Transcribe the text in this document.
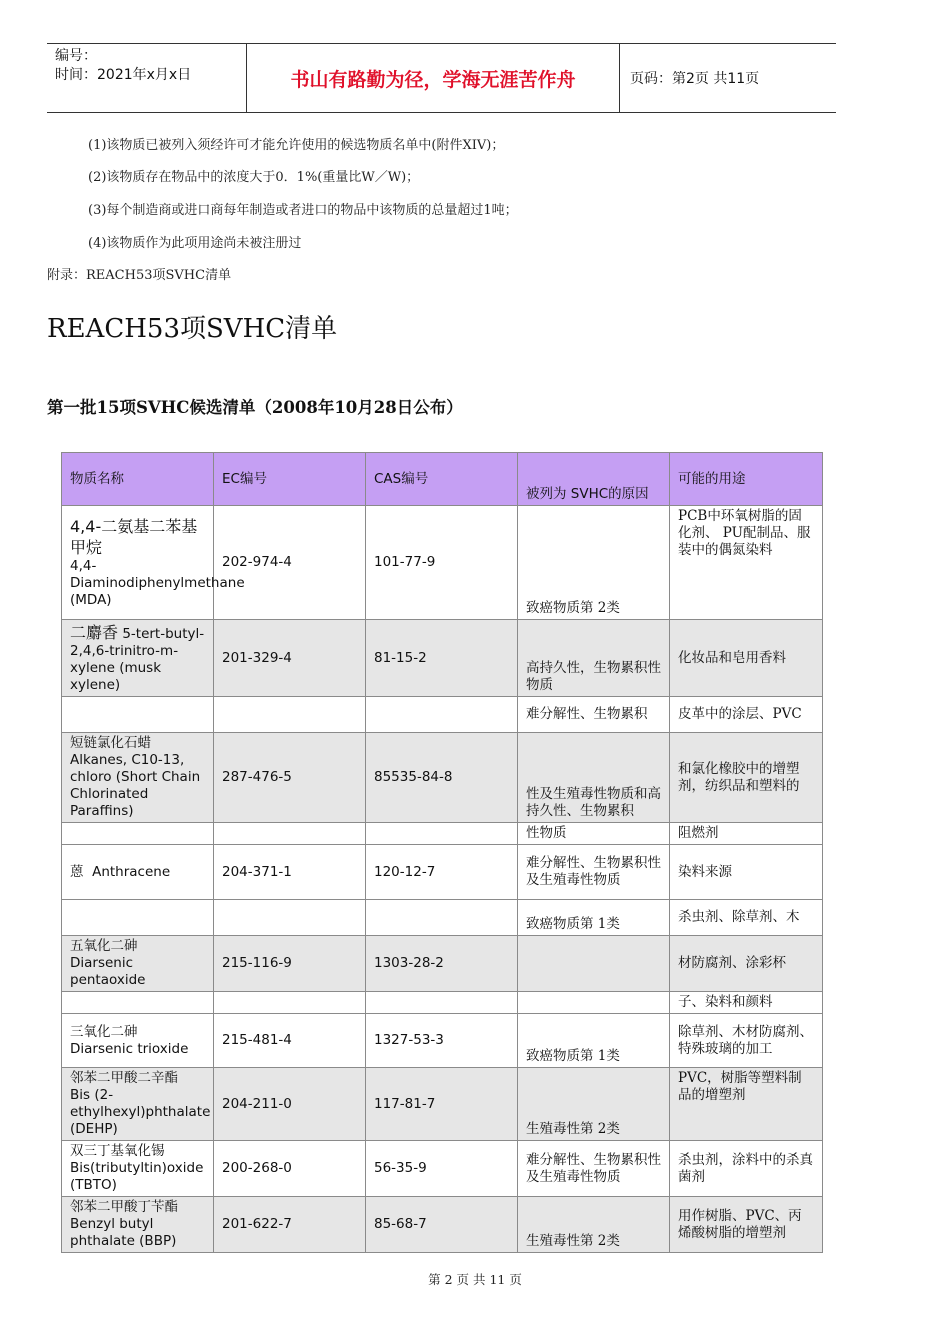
编号：
时间：2021年x月x日	书山有路勤为径，学海无涯苦作舟	页码：第2页 共11页
(1)该物质已被列入须经许可才能允许使用的候选物质名单中(附件XIV)；
(2)该物质存在物品中的浓度大于0．1%(重量比W／W)；
(3)每个制造商或进口商每年制造或者进口的物品中该物质的总量超过1吨；
(4)该物质作为此项用途尚未被注册过
附录：REACH53项SVHC清单
REACH53项SVHC清单
第一批15项SVHC候选清单（2008年10月28日公布）
物质名称	EC编号	CAS编号	被列为 SVHC的原因	可能的用途

4,4-二氨基二苯基甲烷
4,4-Diaminodiphenylmethane (MDA)	202-974-4	101-77-9	致癌物质第 2类	PCB中环氧树脂的固化剂、 PU配制品、服装中的偶氮染料
二麝香 5-tert-butyl-2,4,6-trinitro-m-xylene (musk xylene)	201-329-4	81-15-2	高持久性，生物累积性物质	化妆品和皂用香料
			难分解性、生物累积	皮革中的涂层、PVC

短链氯化石蜡
Alkanes, C10-13, chloro (Short Chain Chlorinated Paraffins)	287-476-5	85535-84-8	性及生殖毒性物质和高持久性、生物累积	和氯化橡胶中的增塑剂，纺织品和塑料的
			性物质	阻燃剂
蒽 Anthracene	204-371-1	120-12-7	难分解性、生物累积性及生殖毒性物质	染料来源
			致癌物质第 1类	杀虫剂、除草剂、木

五氧化二砷
Diarsenic pentaoxide	215-116-9	1303-28-2		材防腐剂、涂彩杯
				子、染料和颜料

三氧化二砷
Diarsenic trioxide	215-481-4	1327-53-3	致癌物质第 1类	除草剂、木材防腐剂、特殊玻璃的加工

邻苯二甲酸二辛酯
Bis (2-ethylhexyl)phthalate (DEHP)	204-211-0	117-81-7	生殖毒性第 2类	PVC，树脂等塑料制品的增塑剂

双三丁基氧化锡
Bis(tributyltin)oxide (TBTO)	200-268-0	56-35-9	难分解性、生物累积性及生殖毒性物质	杀虫剂，涂料中的杀真菌剂

邻苯二甲酸丁苄酯
Benzyl butyl phthalate (BBP)	201-622-7	85-68-7	生殖毒性第 2类	用作树脂、PVC、丙烯酸树脂的增塑剂
第 2 页 共 11 页
